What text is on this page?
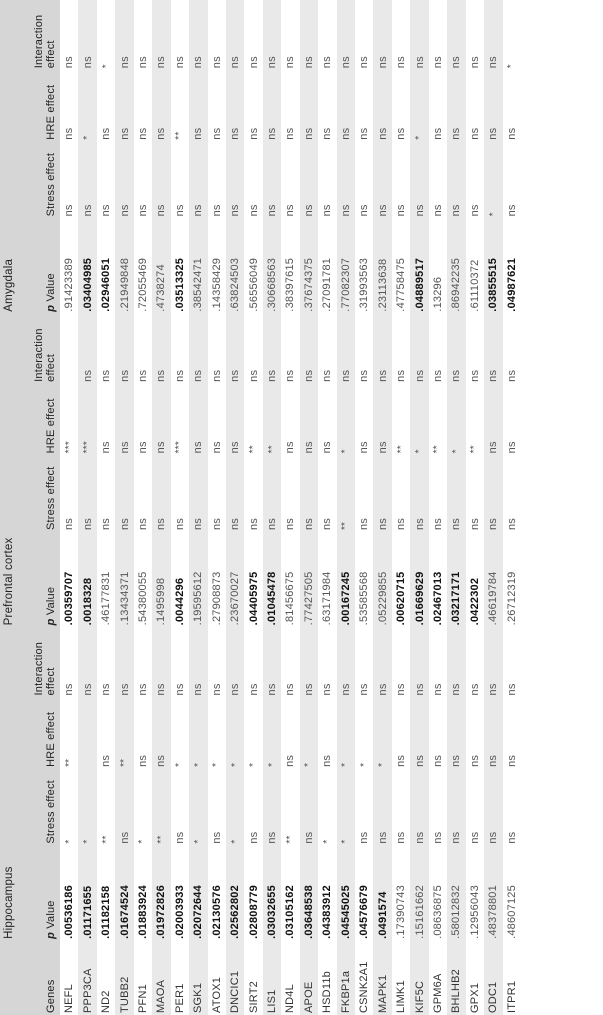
	Hippocampus				Prefrontal cortex				Amygdala			
Genes	p Value	Stress effect	HRE effect	Interaction effect	p Value	Stress effect	HRE effect	Interaction effect	p Value	Stress effect	HRE effect	Interaction effect
NEFL	.00536186	*	**	ns	.00359707	ns	***		.91423389	ns	ns	ns
PPP3CA	.01171655	*		ns	.0018328	ns	***	ns	.03404985	ns	*	ns
ND2	.01182158	**	ns	ns	.46177831	ns	ns	ns	.02946051	ns	ns	*
TUBB2	.01674524	ns	**	ns	.13434371	ns	ns	ns	.21949848	ns	ns	ns
PFN1	.01883924	*	ns	ns	.54380055	ns	ns	ns	.72055469	ns	ns	ns
MAOA	.01972826	**	ns	ns	.1495998	ns	ns	ns	.4738274	ns	ns	ns
PER1	.02003933	ns	*	ns	.0044296	ns	***	ns	.03513325	ns	**	ns
SGK1	.02072644	*	*	ns	.19595612	ns	ns	ns	.38542471	ns	ns	ns
ATOX1	.02130576	ns	*	ns	.27908873	ns	ns	ns	.14358429	ns	ns	ns
DNCIC1	.02562802	*	*	ns	.23670027	ns	ns	ns	.63824503	ns	ns	ns
SIRT2	.02808779	ns	*	ns	.04405975	ns	**	ns	.56556049	ns	ns	ns
LIS1	.03032655	ns	*	ns	.01045478	ns	**	ns	.30668563	ns	ns	ns
ND4L	.03105162	**	ns	ns	.81456675	ns	ns	ns	.38397615	ns	ns	ns
APOE	.03648538	ns	*	ns	.77427505	ns	ns	ns	.37674375	ns	ns	ns
HSD11b	.04383912	*	ns	ns	.63171984	ns	ns	ns	.27091781	ns	ns	ns
FKBP1a	.04545025	*	*	ns	.00167245	**	*	ns	.77082307	ns	ns	ns
CSNK2A1	.04576679	ns	*	ns	.53585568	ns	ns	ns	.31993563	ns	ns	ns
MAPK1	.0491574	ns	*	ns	.05229855	ns	ns	ns	.23113638	ns	ns	ns
LIMK1	.17390743	ns	ns	ns	.00620715	ns	**	ns	.47758475	ns	ns	ns
KIF5C	.15161662	ns	ns	ns	.01669629	ns	*	ns	.04889517	ns	*	ns
GPM6A	.08636875	ns	ns	ns	.02467013	ns	**	ns	.13296	ns	ns	ns
BHLHB2	.58012832	ns	ns	ns	.03217171	ns	*	ns	.86942235	ns	ns	ns
GPX1	.12956043	ns	ns	ns	.0422302	ns	**	ns	.61110372	ns	ns	ns
ODC1	.48378801	ns	ns	ns	.46619784	ns	ns	ns	.03855515	*	ns	ns
ITPR1	.48607125	ns	ns	ns	.26712319	ns	ns	ns	.04987621	ns	ns	*
